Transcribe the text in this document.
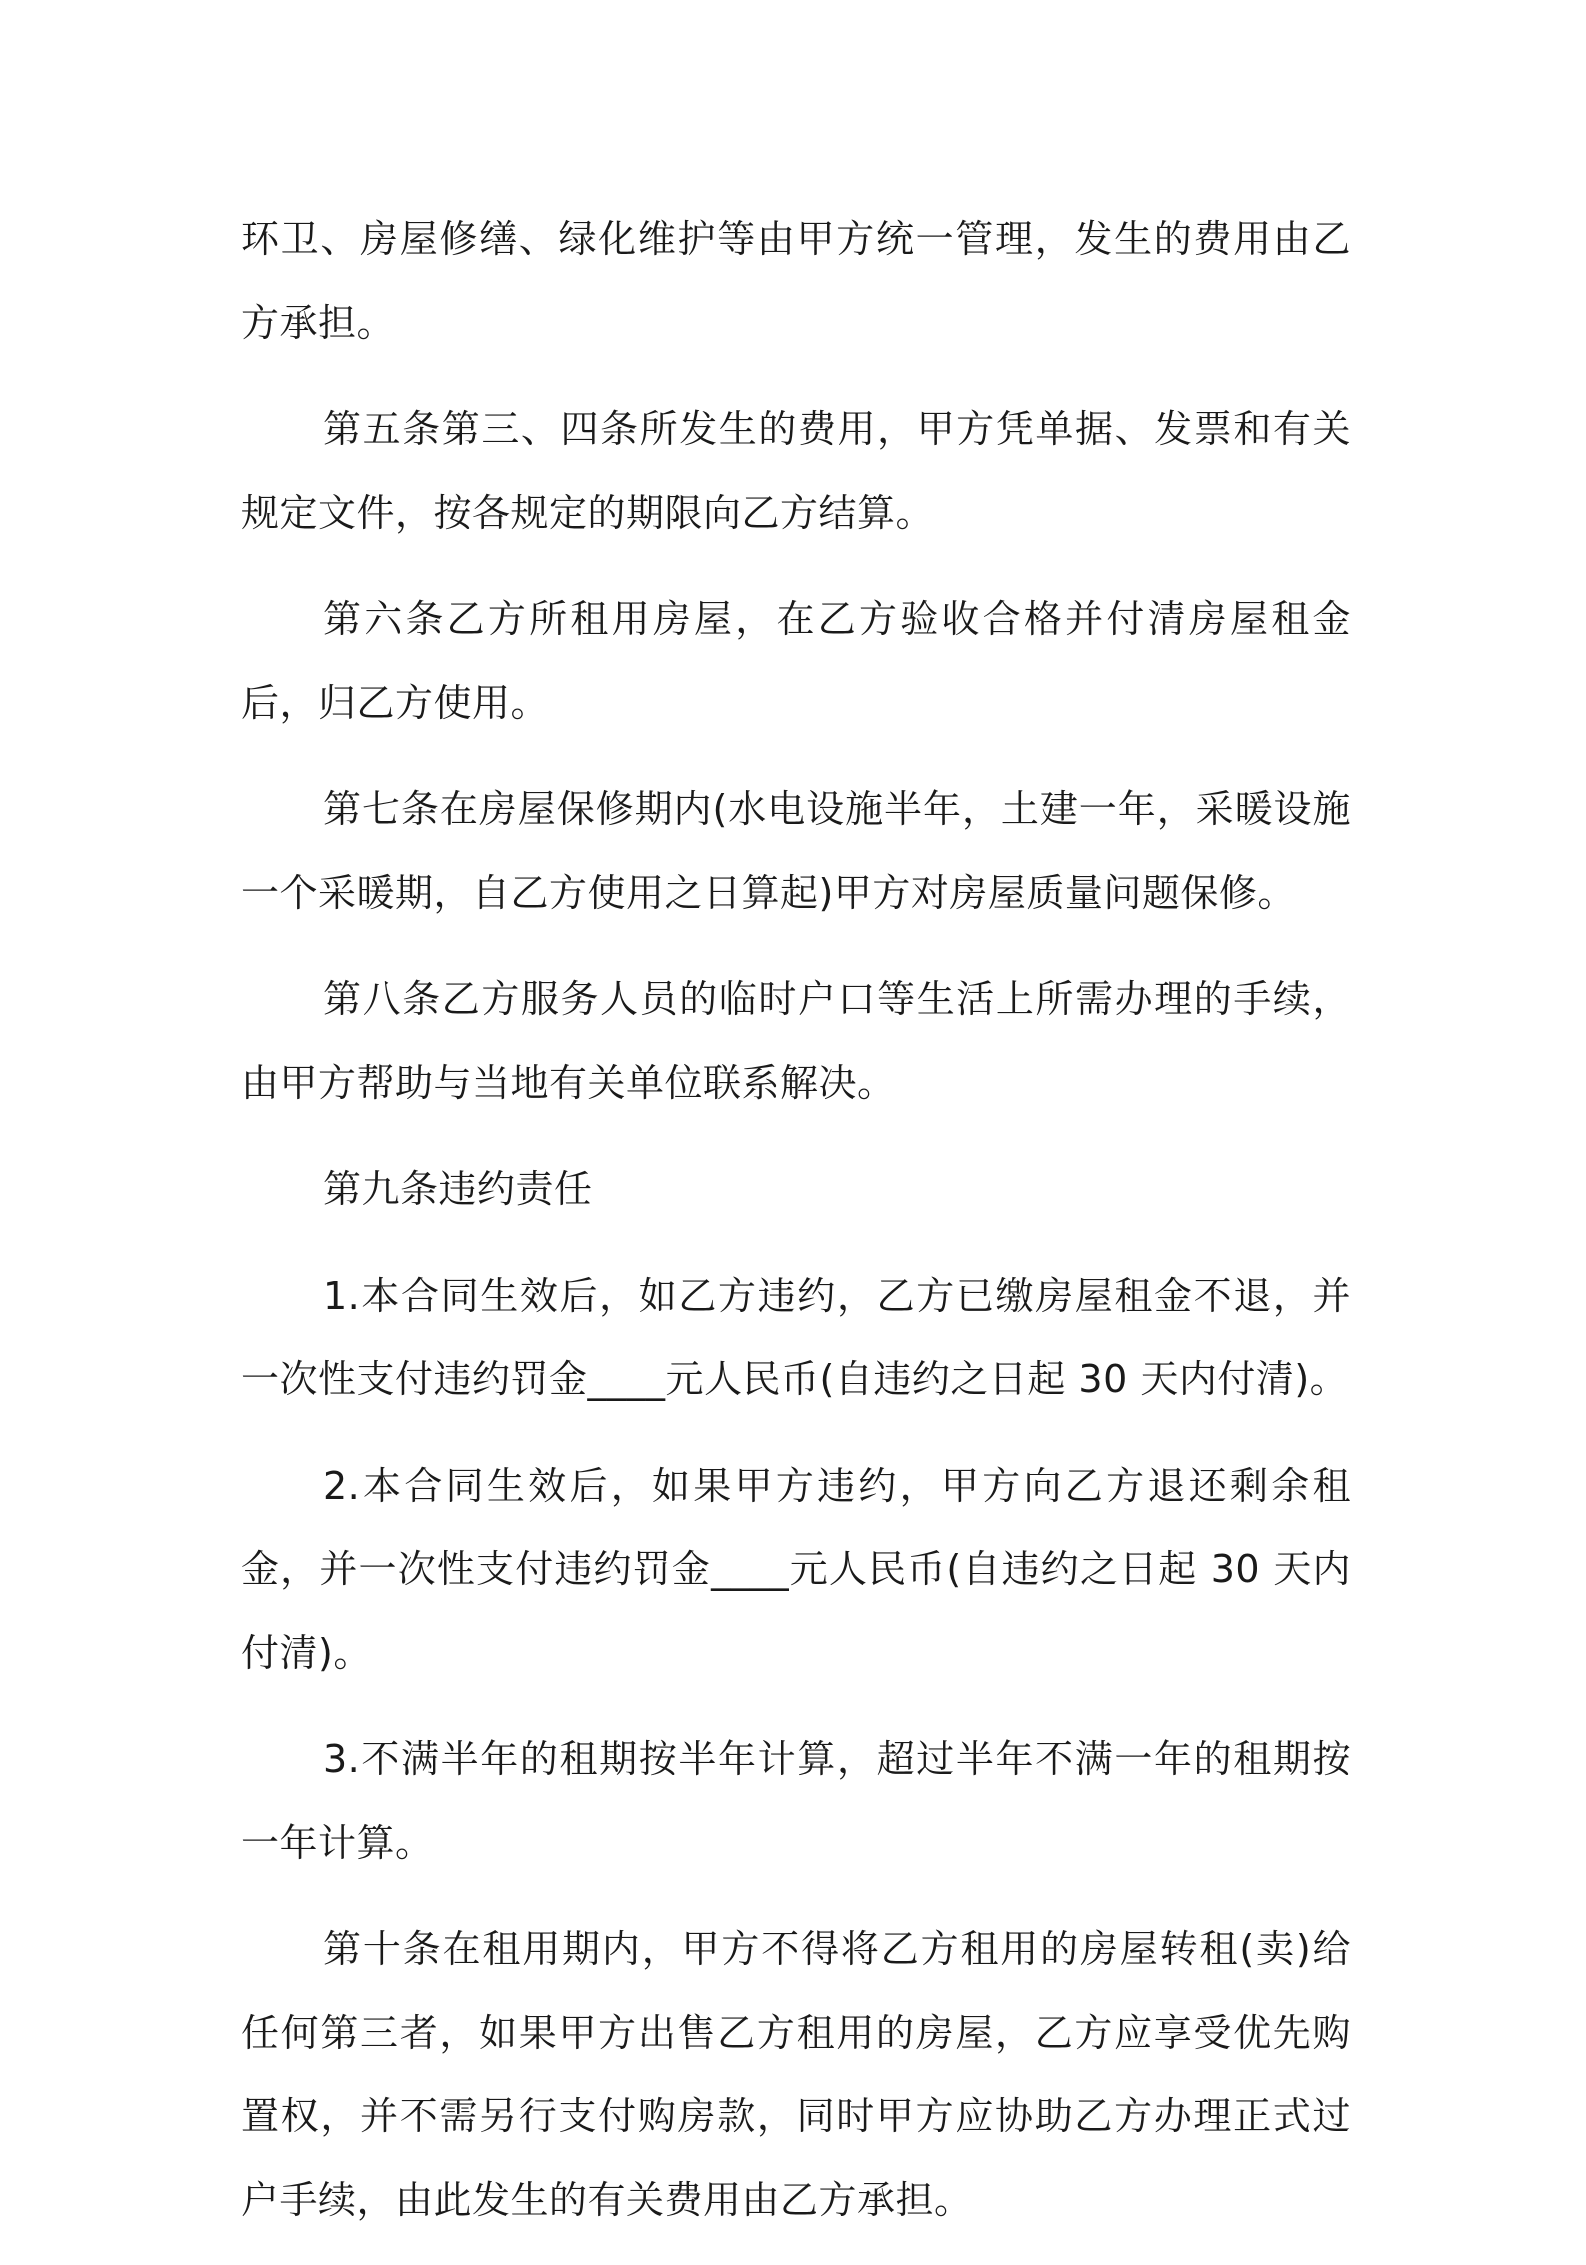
环卫、房屋修缮、绿化维护等由甲方统一管理，发生的费用由乙方承担。

第五条第三、四条所发生的费用，甲方凭单据、发票和有关规定文件，按各规定的期限向乙方结算。

第六条乙方所租用房屋，在乙方验收合格并付清房屋租金后，归乙方使用。

第七条在房屋保修期内(水电设施半年，土建一年，采暖设施一个采暖期，自乙方使用之日算起)甲方对房屋质量问题保修。

第八条乙方服务人员的临时户口等生活上所需办理的手续，由甲方帮助与当地有关单位联系解决。

第九条违约责任

1.本合同生效后，如乙方违约，乙方已缴房屋租金不退，并一次性支付违约罚金____元人民币(自违约之日起 30 天内付清)。

2.本合同生效后，如果甲方违约，甲方向乙方退还剩余租金，并一次性支付违约罚金____元人民币(自违约之日起 30 天内付清)。

3.不满半年的租期按半年计算，超过半年不满一年的租期按一年计算。

第十条在租用期内，甲方不得将乙方租用的房屋转租(卖)给任何第三者，如果甲方出售乙方租用的房屋，乙方应享受优先购置权，并不需另行支付购房款，同时甲方应协助乙方办理正式过户手续，由此发生的有关费用由乙方承担。
